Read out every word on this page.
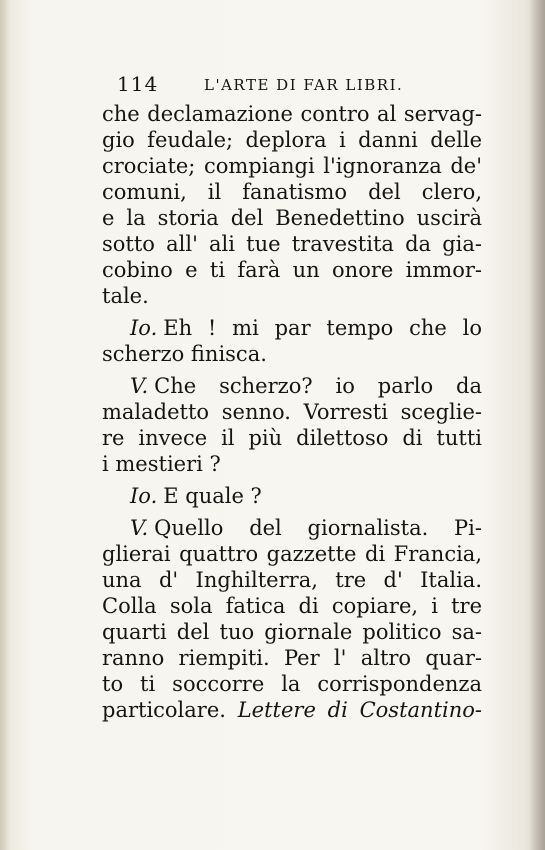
114	L'ARTE DI FAR LIBRI.
che declamazione contro al servag-
gio feudale; deplora i danni delle
crociate; compiangi l'ignoranza de'
comuni, il fanatismo del clero,
e la storia del Benedettino uscirà
sotto all' ali tue travestita da gia-
cobino e ti farà un onore immor-
tale.
Io. Eh ! mi par tempo che lo
scherzo finisca.
V. Che scherzo? io parlo da
maladetto senno. Vorresti sceglie-
re invece il più dilettoso di tutti
i mestieri ?
Io. E quale ?
V. Quello del giornalista. Pi-
glierai quattro gazzette di Francia,
una d' Inghilterra, tre d' Italia.
Colla sola fatica di copiare, i tre
quarti del tuo giornale politico sa-
ranno riempiti. Per l' altro quar-
to ti soccorre la corrispondenza
particolare. Lettere di Costantino-
